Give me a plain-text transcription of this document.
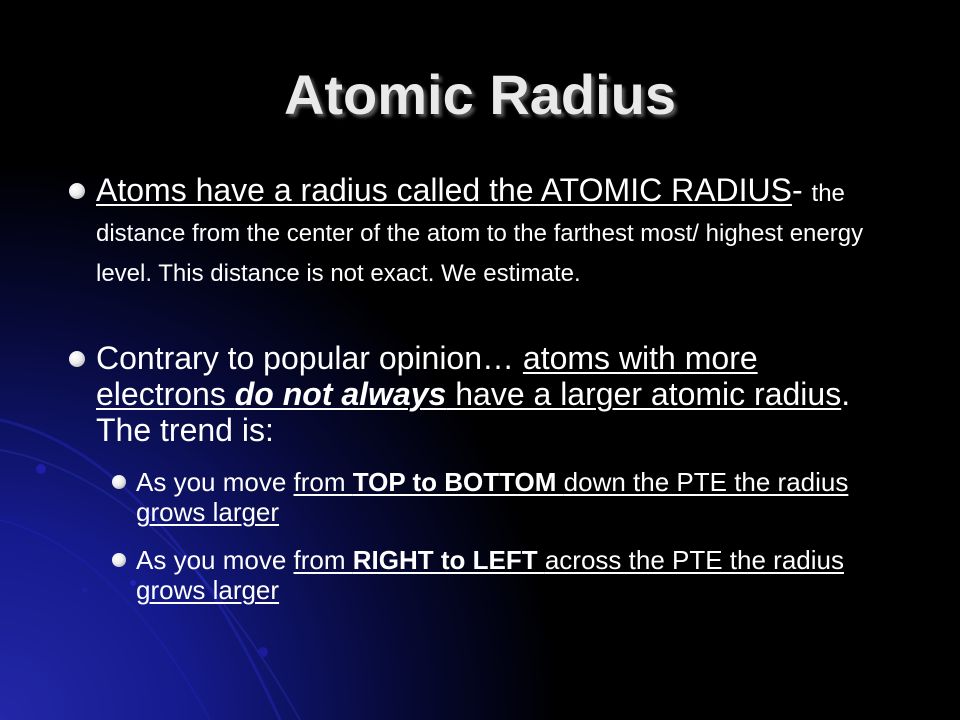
Atomic Radius
Atoms have a radius called the ATOMIC RADIUS- the distance from the center of the atom to the farthest most/ highest energy level. This distance is not exact. We estimate.
Contrary to popular opinion… atoms with more electrons do not always have a larger atomic radius. The trend is:
As you move from TOP to BOTTOM down the PTE the radius grows larger
As you move from RIGHT to LEFT across the PTE the radius grows larger
